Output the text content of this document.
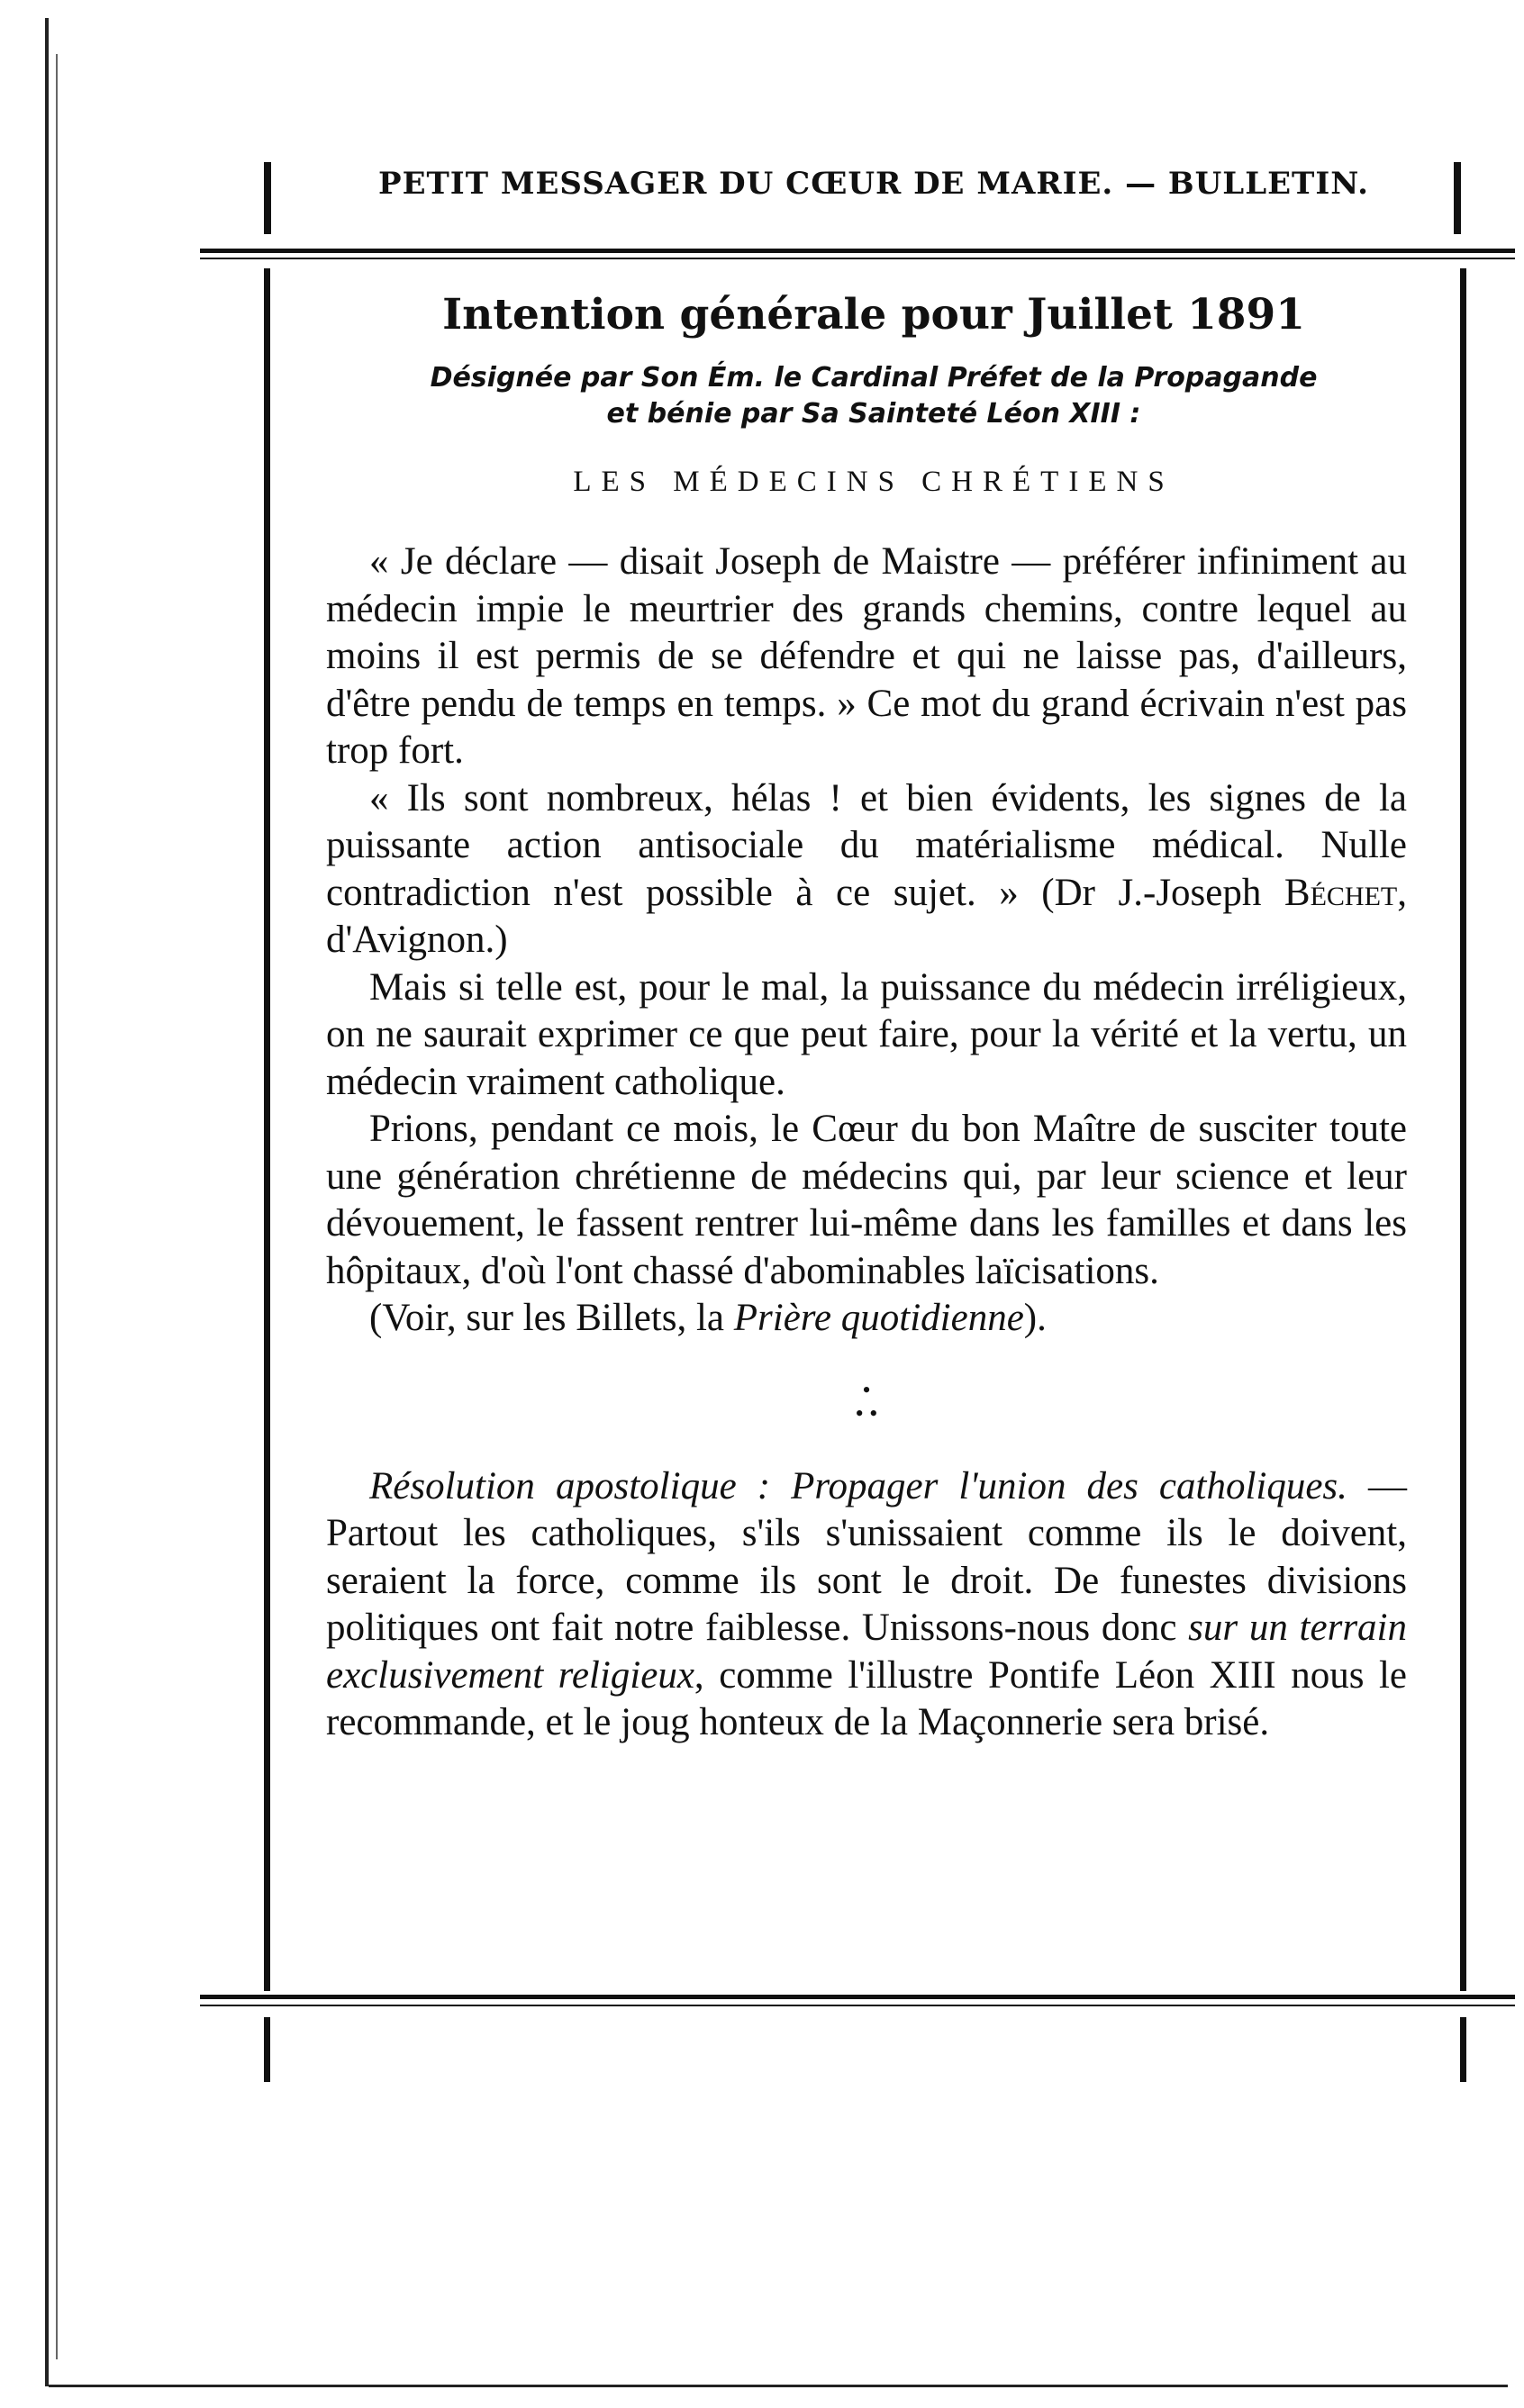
PETIT MESSAGER DU CŒUR DE MARIE. — BULLETIN.
Intention générale pour Juillet 1891
Désignée par Son Ém. le Cardinal Préfet de la Propagande
et bénie par Sa Sainteté Léon XIII :
LES MÉDECINS CHRÉTIENS

« Je déclare — disait Joseph de Maistre — préférer infiniment au médecin impie le meurtrier des grands chemins, contre lequel au moins il est permis de se défendre et qui ne laisse pas, d'ailleurs, d'être pendu de temps en temps. » Ce mot du grand écrivain n'est pas trop fort.

« Ils sont nombreux, hélas ! et bien évidents, les signes de la puissante action antisociale du matérialisme médical. Nulle contradiction n'est possible à ce sujet. » (Dr J.-Joseph Béchet, d'Avignon.)

Mais si telle est, pour le mal, la puissance du médecin irréligieux, on ne saurait exprimer ce que peut faire, pour la vérité et la vertu, un médecin vraiment catholique.

Prions, pendant ce mois, le Cœur du bon Maître de susciter toute une génération chrétienne de médecins qui, par leur science et leur dévouement, le fassent rentrer lui-même dans les familles et dans les hôpitaux, d'où l'ont chassé d'abominables laïcisations.

(Voir, sur les Billets, la Prière quotidienne).

•
• •

Résolution apostolique : Propager l'union des catholiques. — Partout les catholiques, s'ils s'unissaient comme ils le doivent, seraient la force, comme ils sont le droit. De funestes divisions politiques ont fait notre faiblesse. Unissons-nous donc sur un terrain exclusivement religieux, comme l'illustre Pontife Léon XIII nous le recommande, et le joug honteux de la Maçonnerie sera brisé.
